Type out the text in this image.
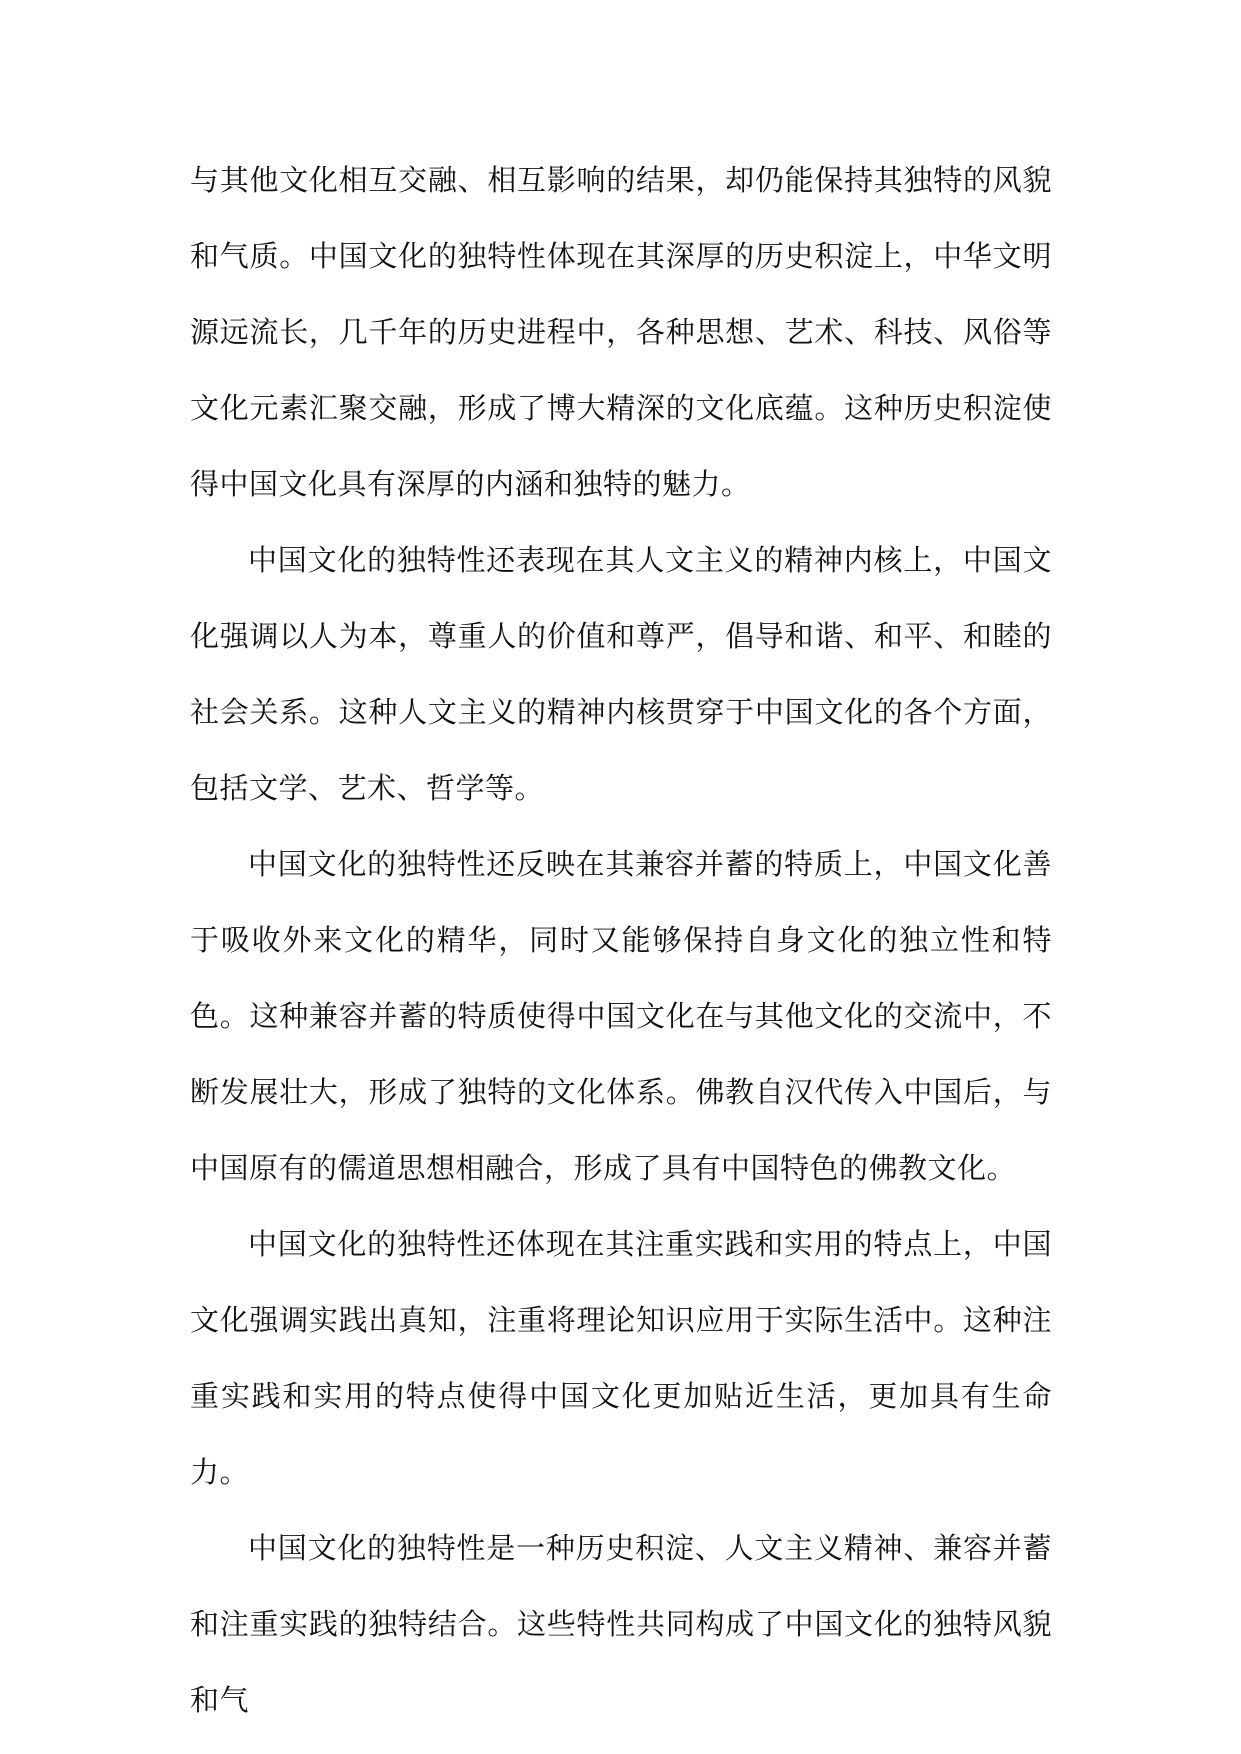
与其他文化相互交融、相互影响的结果，却仍能保持其独特的风貌和气质。中国文化的独特性体现在其深厚的历史积淀上，中华文明源远流长，几千年的历史进程中，各种思想、艺术、科技、风俗等文化元素汇聚交融，形成了博大精深的文化底蕴。这种历史积淀使得中国文化具有深厚的内涵和独特的魅力。

中国文化的独特性还表现在其人文主义的精神内核上，中国文化强调以人为本，尊重人的价值和尊严，倡导和谐、和平、和睦的社会关系。这种人文主义的精神内核贯穿于中国文化的各个方面，包括文学、艺术、哲学等。

中国文化的独特性还反映在其兼容并蓄的特质上，中国文化善于吸收外来文化的精华，同时又能够保持自身文化的独立性和特色。这种兼容并蓄的特质使得中国文化在与其他文化的交流中，不断发展壮大，形成了独特的文化体系。佛教自汉代传入中国后，与中国原有的儒道思想相融合，形成了具有中国特色的佛教文化。

中国文化的独特性还体现在其注重实践和实用的特点上，中国文化强调实践出真知，注重将理论知识应用于实际生活中。这种注重实践和实用的特点使得中国文化更加贴近生活，更加具有生命力。

中国文化的独特性是一种历史积淀、人文主义精神、兼容并蓄和注重实践的独特结合。这些特性共同构成了中国文化的独特风貌和气
